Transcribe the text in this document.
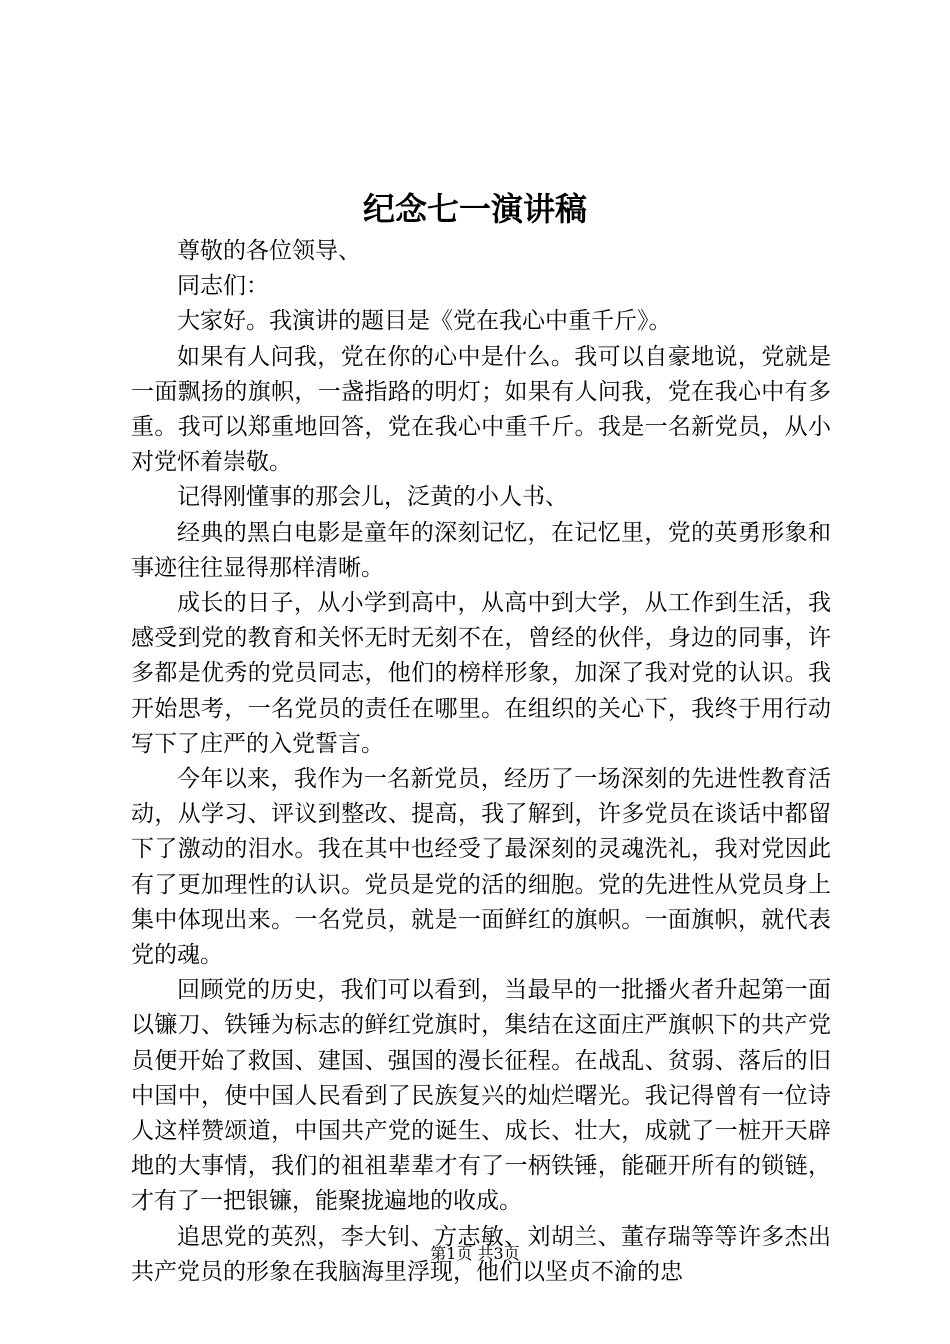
纪念七一演讲稿

尊敬的各位领导、

同志们：

大家好。我演讲的题目是《党在我心中重千斤》。

如果有人问我，党在你的心中是什么。我可以自豪地说，党就是一面飘扬的旗帜，一盏指路的明灯；如果有人问我，党在我心中有多重。我可以郑重地回答，党在我心中重千斤。我是一名新党员，从小对党怀着崇敬。

记得刚懂事的那会儿，泛黄的小人书、

经典的黑白电影是童年的深刻记忆，在记忆里，党的英勇形象和事迹往往显得那样清晰。

成长的日子，从小学到高中，从高中到大学，从工作到生活，我感受到党的教育和关怀无时无刻不在，曾经的伙伴，身边的同事，许多都是优秀的党员同志，他们的榜样形象，加深了我对党的认识。我开始思考，一名党员的责任在哪里。在组织的关心下，我终于用行动写下了庄严的入党誓言。

今年以来，我作为一名新党员，经历了一场深刻的先进性教育活动，从学习、评议到整改、提高，我了解到，许多党员在谈话中都留下了激动的泪水。我在其中也经受了最深刻的灵魂洗礼，我对党因此有了更加理性的认识。党员是党的活的细胞。党的先进性从党员身上集中体现出来。一名党员，就是一面鲜红的旗帜。一面旗帜，就代表党的魂。

回顾党的历史，我们可以看到，当最早的一批播火者升起第一面以镰刀、铁锤为标志的鲜红党旗时，集结在这面庄严旗帜下的共产党员便开始了救国、建国、强国的漫长征程。在战乱、贫弱、落后的旧中国中，使中国人民看到了民族复兴的灿烂曙光。我记得曾有一位诗人这样赞颂道，中国共产党的诞生、成长、壮大，成就了一桩开天辟地的大事情，我们的祖祖辈辈才有了一柄铁锤，能砸开所有的锁链，才有了一把银镰，能聚拢遍地的收成。

追思党的英烈，李大钊、方志敏、刘胡兰、董存瑞等等许多杰出共产党员的形象在我脑海里浮现，他们以坚贞不渝的忠

第1页 共3页
